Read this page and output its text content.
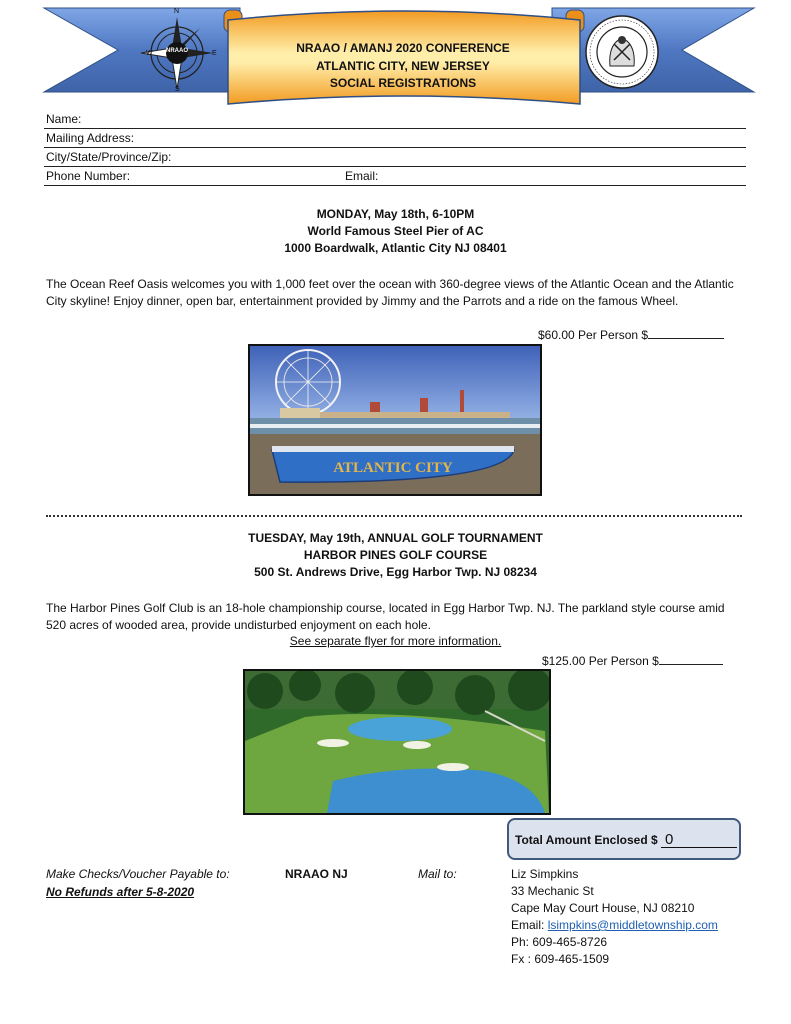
NRAAO
N
E
S
W	NRAAO / AMANJ 2020 CONFERENCE
ATLANTIC CITY, NEW JERSEY
SOCIAL REGISTRATIONS
Name:
Mailing Address:
City/State/Province/Zip:
Phone Number:	Email:
MONDAY, May 18th, 6-10PM
World Famous Steel Pier of AC
1000 Boardwalk, Atlantic City NJ 08401
The Ocean Reef Oasis welcomes you with 1,000 feet over the ocean with 360-degree views of the Atlantic Ocean and the Atlantic City skyline! Enjoy dinner, open bar, entertainment provided by Jimmy and the Parrots and a ride on the famous Wheel.
$60.00 Per Person $
ATLANTIC CITY
TUESDAY, May 19th, ANNUAL GOLF TOURNAMENT
HARBOR PINES GOLF COURSE
500 St. Andrews Drive, Egg Harbor Twp. NJ 08234
The Harbor Pines Golf Club is an 18-hole championship course, located in Egg Harbor Twp. NJ. The parkland style course amid 520 acres of wooded area, provide undisturbed enjoyment on each hole.
See separate flyer for more information.
$125.00 Per Person $
Total Amount Enclosed $ 0
Make Checks/Voucher Payable to:	NRAAO NJ
No Refunds after 5-8-2020
Mail to:	Liz Simpkins
33 Mechanic St
Cape May Court House, NJ 08210
Email: lsimpkins@middletownship.com
Ph: 609-465-8726
Fx : 609-465-1509
